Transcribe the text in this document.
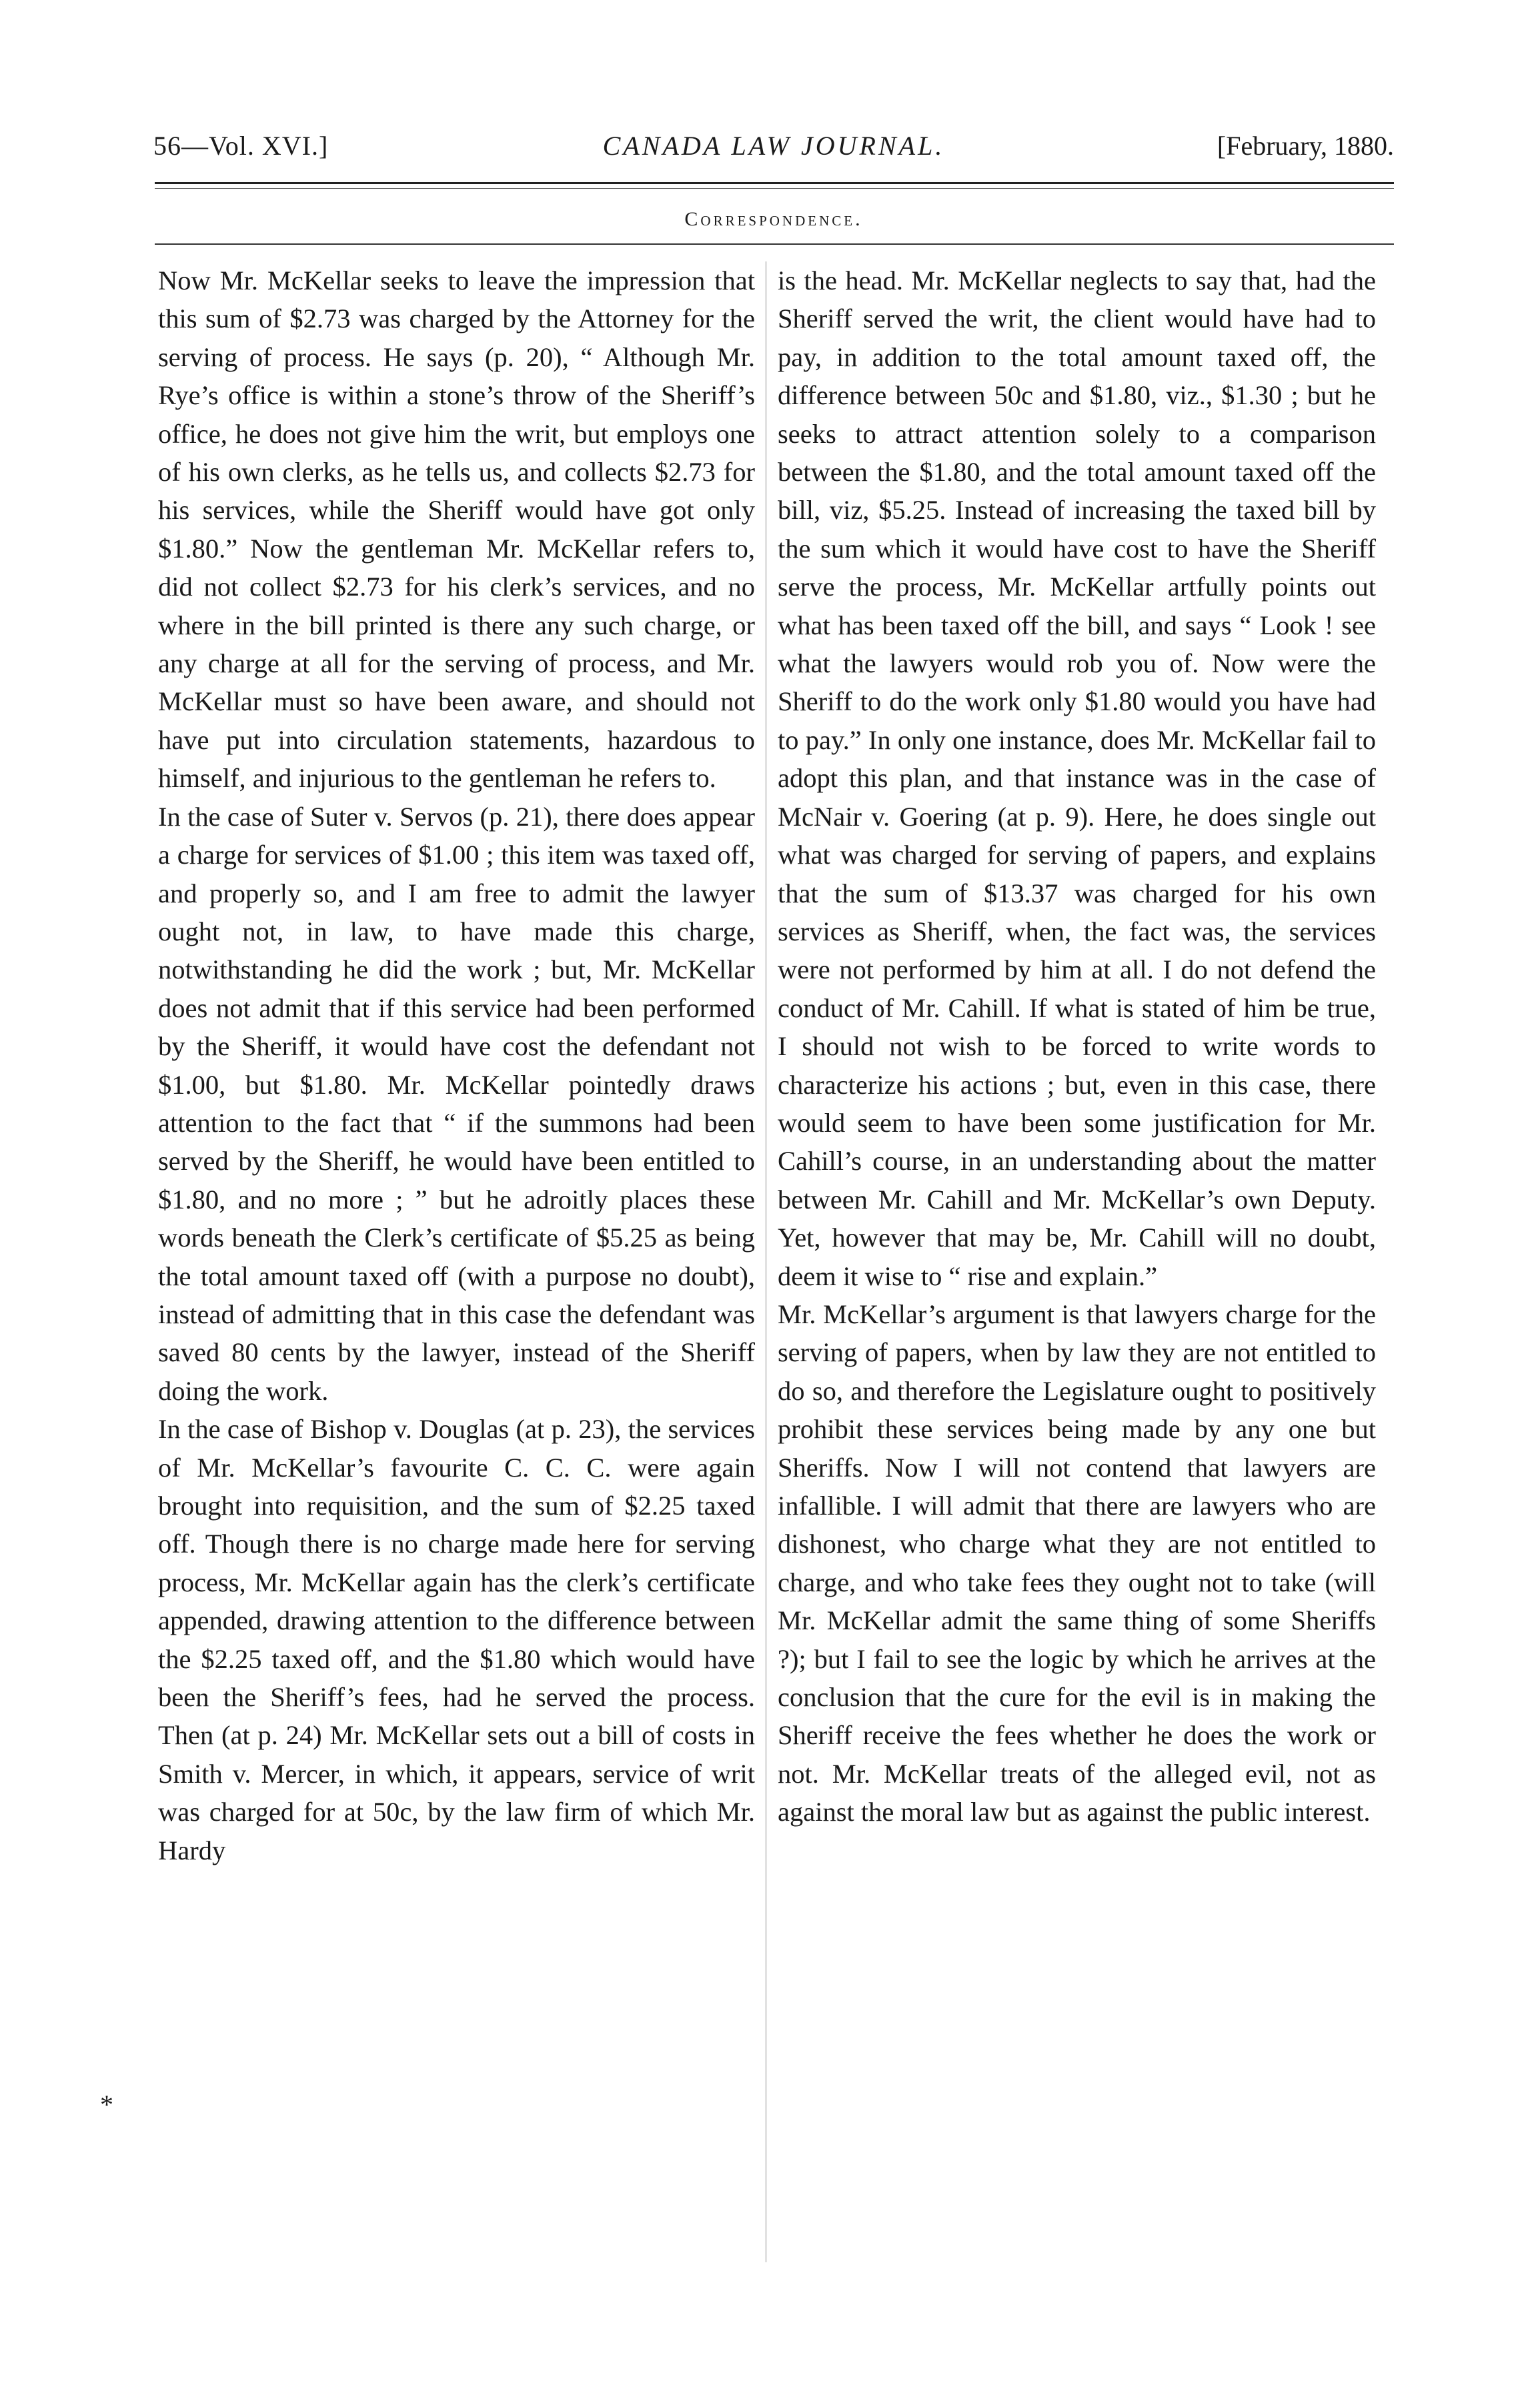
56—Vol. XVI.]	CANADA LAW JOURNAL.	[February, 1880.
Correspondence.

Now Mr. McKellar seeks to leave the impression that this sum of $2.73 was charged by the Attorney for the serving of process. He says (p. 20), “ Although Mr. Rye’s office is within a stone’s throw of the Sheriff’s office, he does not give him the writ, but employs one of his own clerks, as he tells us, and collects $2.73 for his services, while the Sheriff would have got only $1.80.” Now the gentleman Mr. McKellar refers to, did not collect $2.73 for his clerk’s services, and no where in the bill printed is there any such charge, or any charge at all for the serving of process, and Mr. McKellar must so have been aware, and should not have put into circulation statements, hazardous to himself, and injurious to the gentleman he refers to.

In the case of Suter v. Servos (p. 21), there does appear a charge for services of $1.00 ; this item was taxed off, and properly so, and I am free to admit the lawyer ought not, in law, to have made this charge, notwithstanding he did the work ; but, Mr. McKellar does not admit that if this service had been performed by the Sheriff, it would have cost the defendant not $1.00, but $1.80. Mr. McKellar pointedly draws attention to the fact that “ if the summons had been served by the Sheriff, he would have been entitled to $1.80, and no more ; ” but he adroitly places these words beneath the Clerk’s certificate of $5.25 as being the total amount taxed off (with a purpose no doubt), instead of admitting that in this case the defendant was saved 80 cents by the lawyer, instead of the Sheriff doing the work.

In the case of Bishop v. Douglas (at p. 23), the services of Mr. McKellar’s favourite C. C. C. were again brought into requisition, and the sum of $2.25 taxed off. Though there is no charge made here for serving process, Mr. McKellar again has the clerk’s certificate appended, drawing attention to the difference between the $2.25 taxed off, and the $1.80 which would have been the Sheriff’s fees, had he served the process. Then (at p. 24) Mr. McKellar sets out a bill of costs in Smith v. Mercer, in which, it appears, service of writ was charged for at 50c, by the law firm of which Mr. Hardy

is the head. Mr. McKellar neglects to say that, had the Sheriff served the writ, the client would have had to pay, in addition to the total amount taxed off, the difference between 50c and $1.80, viz., $1.30 ; but he seeks to attract attention solely to a comparison between the $1.80, and the total amount taxed off the bill, viz, $5.25. Instead of increasing the taxed bill by the sum which it would have cost to have the Sheriff serve the process, Mr. McKellar artfully points out what has been taxed off the bill, and says “ Look ! see what the lawyers would rob you of. Now were the Sheriff to do the work only $1.80 would you have had to pay.” In only one instance, does Mr. McKellar fail to adopt this plan, and that instance was in the case of McNair v. Goering (at p. 9). Here, he does single out what was charged for serving of papers, and explains that the sum of $13.37 was charged for his own services as Sheriff, when, the fact was, the services were not performed by him at all. I do not defend the conduct of Mr. Cahill. If what is stated of him be true, I should not wish to be forced to write words to characterize his actions ; but, even in this case, there would seem to have been some justification for Mr. Cahill’s course, in an understanding about the matter between Mr. Cahill and Mr. McKellar’s own Deputy. Yet, however that may be, Mr. Cahill will no doubt, deem it wise to “ rise and explain.”

Mr. McKellar’s argument is that lawyers charge for the serving of papers, when by law they are not entitled to do so, and therefore the Legislature ought to positively prohibit these services being made by any one but Sheriffs. Now I will not contend that lawyers are infallible. I will admit that there are lawyers who are dishonest, who charge what they are not entitled to charge, and who take fees they ought not to take (will Mr. McKellar admit the same thing of some Sheriffs ?); but I fail to see the logic by which he arrives at the conclusion that the cure for the evil is in making the Sheriff receive the fees whether he does the work or not. Mr. McKellar treats of the alleged evil, not as against the moral law but as against the public interest.

*
